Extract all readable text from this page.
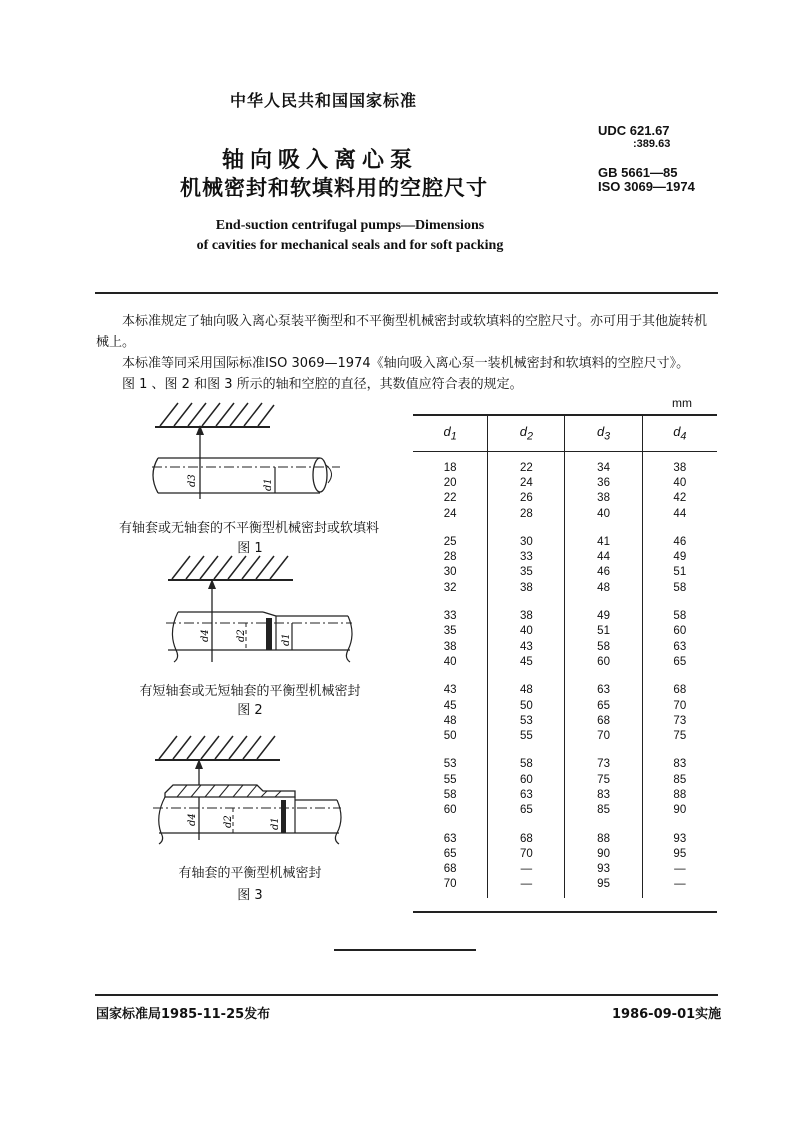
中华人民共和国国家标准
轴向吸入离心泵
机械密封和软填料用的空腔尺寸
End-suction centrifugal pumps—Dimensions
of cavities for mechanical seals and for soft packing
UDC 621.67
:389.63
GB 5661—85
ISO 3069—1974

本标准规定了轴向吸入离心泵装平衡型和不平衡型机械密封或软填料的空腔尺寸。亦可用于其他旋转机械上。

本标准等同采用国际标准ISO 3069—1974《轴向吸入离心泵一装机械密封和软填料的空腔尺寸》。

图 1 、图 2 和图 3 所示的轴和空腔的直径，其数值应符合表的规定。

mm
d3	d1
有轴套或无轴套的不平衡型机械密封或软填料
图 1
d4	d2	d1
有短轴套或无短轴套的平衡型机械密封
图 2
d4	d2	d1
有轴套的平衡型机械密封
图 3
$d_1$	$d_2$	$d_3$	$d_4$

18	22	34	38
20	24	36	40
22	26	38	42
24	28	40	44

25	30	41	46
28	33	44	49
30	35	46	51
32	38	48	58

33	38	49	58
35	40	51	60
38	43	58	63
40	45	60	65

43	48	63	68
45	50	65	70
48	53	68	73
50	55	70	75

53	58	73	83
55	60	75	85
58	63	83	88
60	65	85	90

63	68	88	93
65	70	90	95
68	—	93	—
70	—	95	—

国家标准局1985-11-25发布	1986-09-01实施
